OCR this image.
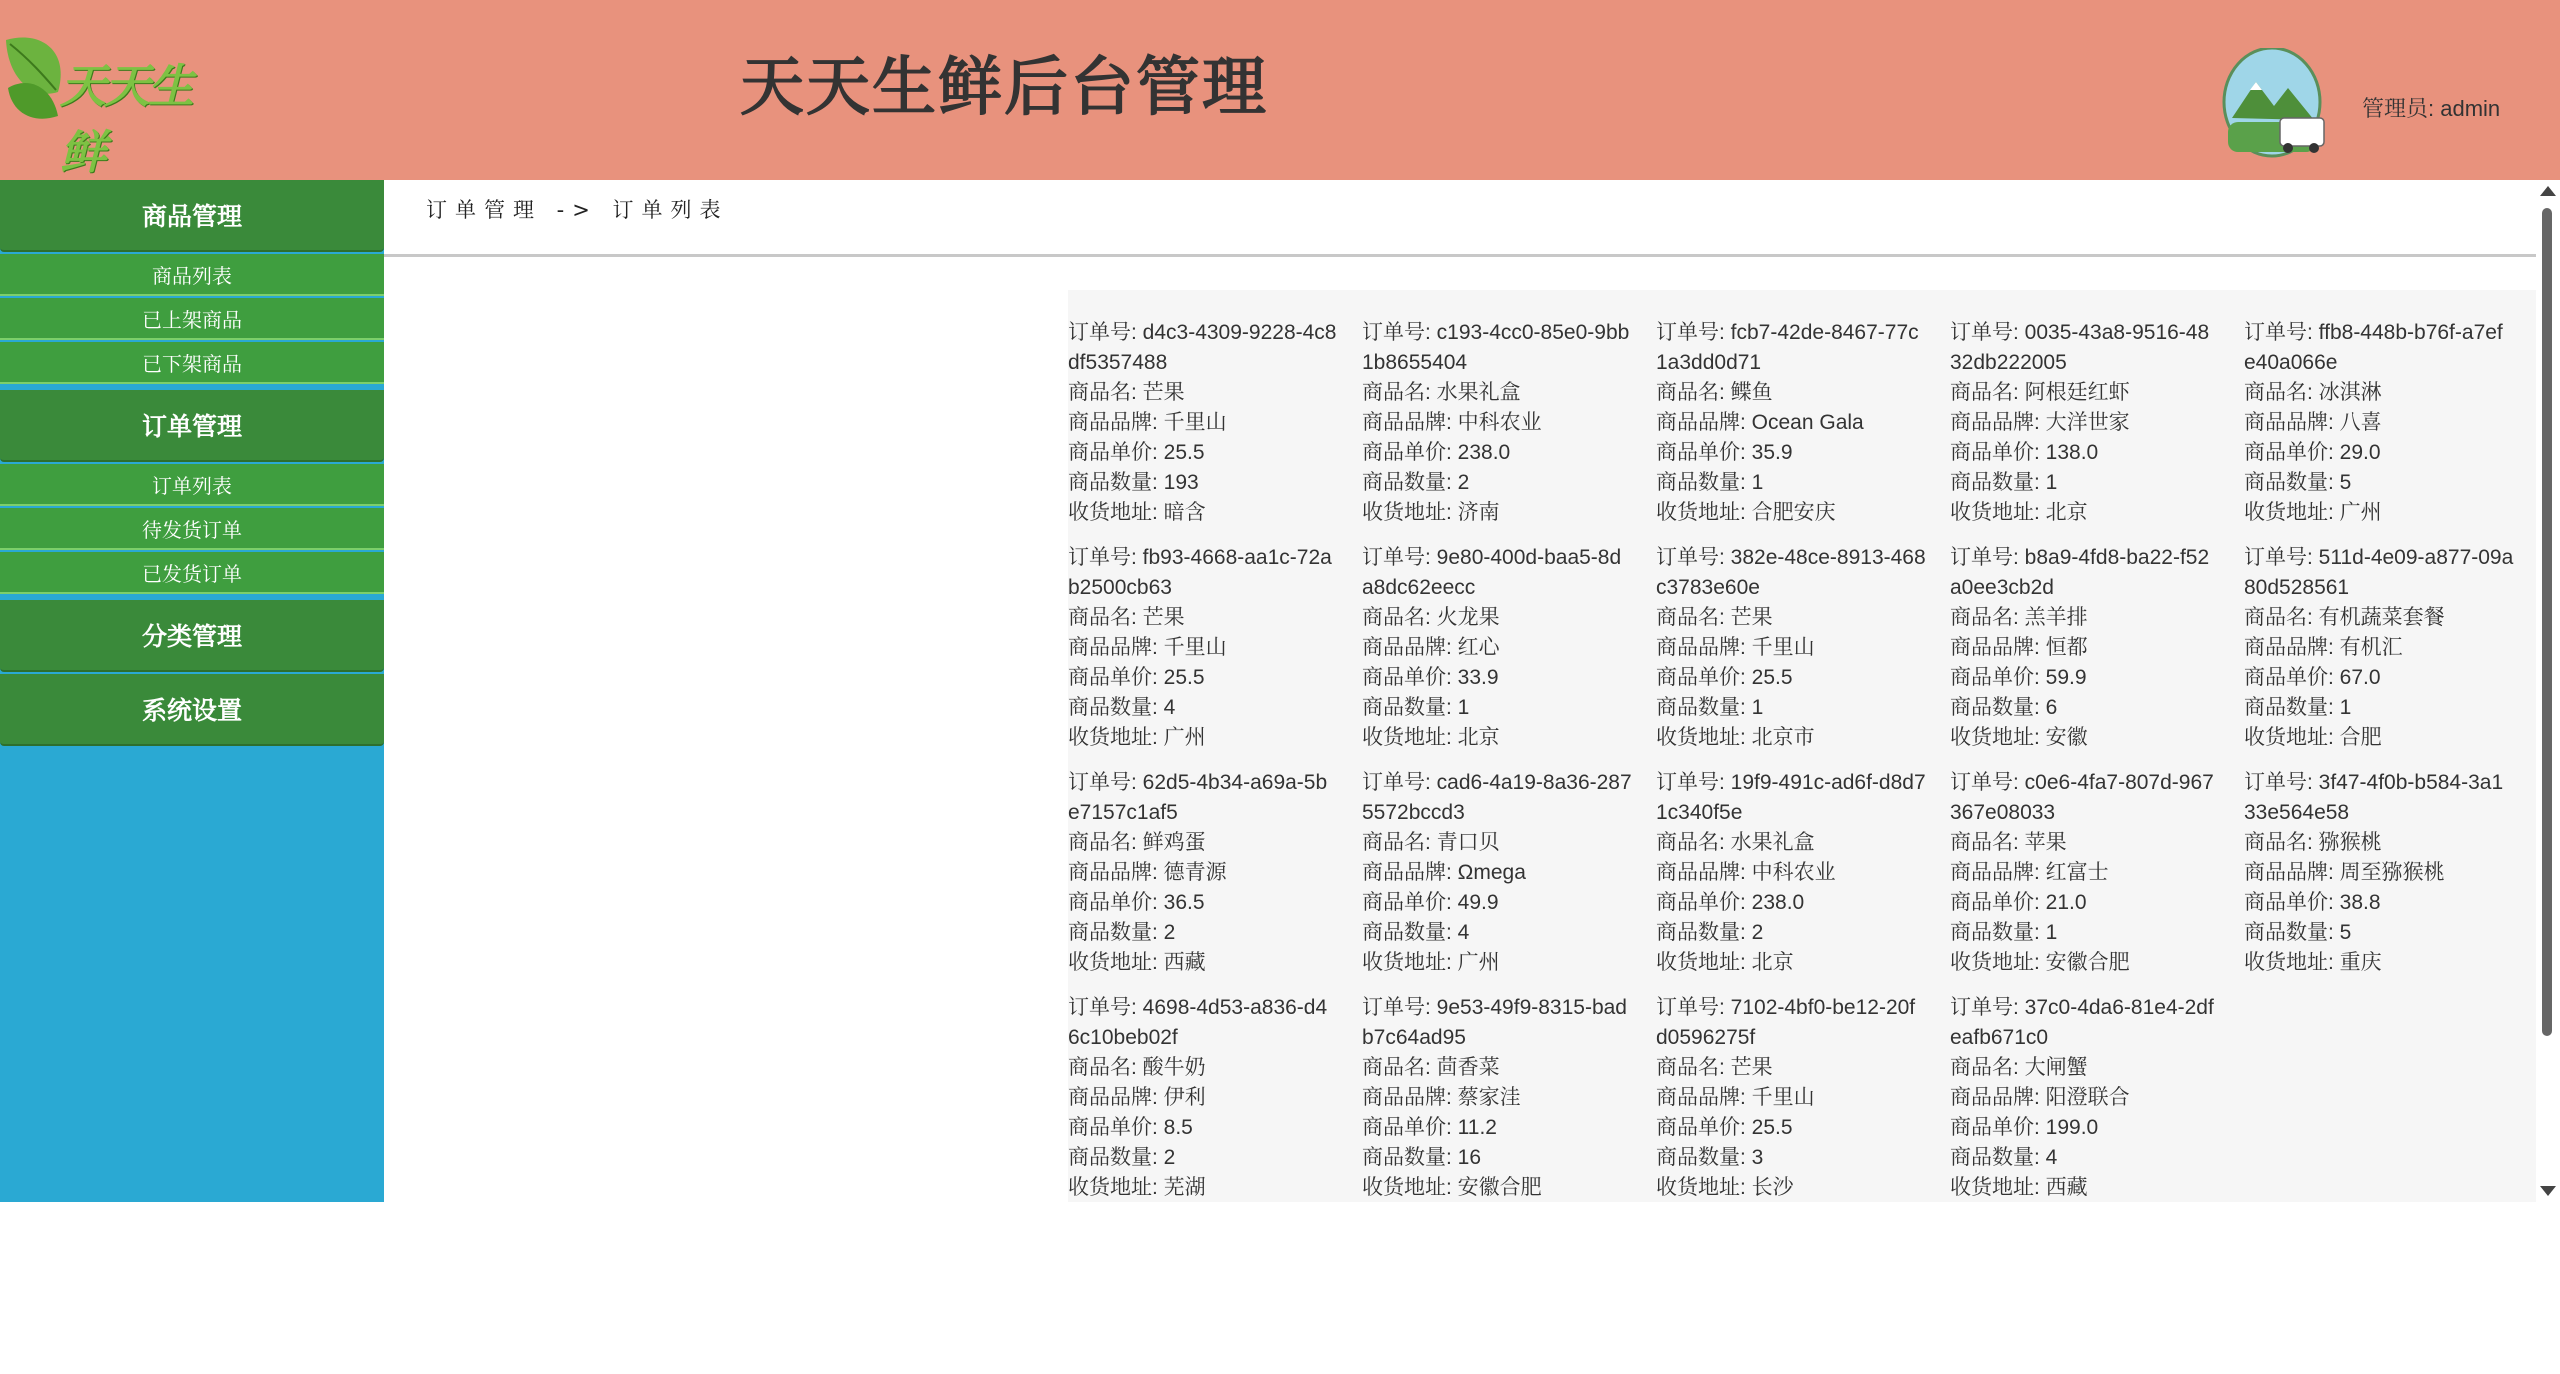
天天生鲜
天天生鲜后台管理	管理员: admin
商品管理
商品列表
已上架商品
已下架商品
订单管理
订单列表
待发货订单
已发货订单
分类管理
系统设置
订单管理 -> 订单列表
订单号: d4c3-4309-9228-4c8df5357488
商品名: 芒果
商品品牌: 千里山
商品单价: 25.5
商品数量: 193
收货地址: 暗含
订单号: c193-4cc0-85e0-9bb1b8655404
商品名: 水果礼盒
商品品牌: 中科农业
商品单价: 238.0
商品数量: 2
收货地址: 济南
订单号: fcb7-42de-8467-77c1a3dd0d71
商品名: 鲽鱼
商品品牌: Ocean Gala
商品单价: 35.9
商品数量: 1
收货地址: 合肥安庆
订单号: 0035-43a8-9516-4832db222005
商品名: 阿根廷红虾
商品品牌: 大洋世家
商品单价: 138.0
商品数量: 1
收货地址: 北京
订单号: ffb8-448b-b76f-a7efe40a066e
商品名: 冰淇淋
商品品牌: 八喜
商品单价: 29.0
商品数量: 5
收货地址: 广州
订单号: fb93-4668-aa1c-72ab2500cb63
商品名: 芒果
商品品牌: 千里山
商品单价: 25.5
商品数量: 4
收货地址: 广州
订单号: 9e80-400d-baa5-8da8dc62eecc
商品名: 火龙果
商品品牌: 红心
商品单价: 33.9
商品数量: 1
收货地址: 北京
订单号: 382e-48ce-8913-468c3783e60e
商品名: 芒果
商品品牌: 千里山
商品单价: 25.5
商品数量: 1
收货地址: 北京市
订单号: b8a9-4fd8-ba22-f52a0ee3cb2d
商品名: 羔羊排
商品品牌: 恒都
商品单价: 59.9
商品数量: 6
收货地址: 安徽
订单号: 511d-4e09-a877-09a80d528561
商品名: 有机蔬菜套餐
商品品牌: 有机汇
商品单价: 67.0
商品数量: 1
收货地址: 合肥
订单号: 62d5-4b34-a69a-5be7157c1af5
商品名: 鲜鸡蛋
商品品牌: 德青源
商品单价: 36.5
商品数量: 2
收货地址: 西藏
订单号: cad6-4a19-8a36-2875572bccd3
商品名: 青口贝
商品品牌: Ωmega
商品单价: 49.9
商品数量: 4
收货地址: 广州
订单号: 19f9-491c-ad6f-d8d71c340f5e
商品名: 水果礼盒
商品品牌: 中科农业
商品单价: 238.0
商品数量: 2
收货地址: 北京
订单号: c0e6-4fa7-807d-967367e08033
商品名: 苹果
商品品牌: 红富士
商品单价: 21.0
商品数量: 1
收货地址: 安徽合肥
订单号: 3f47-4f0b-b584-3a133e564e58
商品名: 猕猴桃
商品品牌: 周至猕猴桃
商品单价: 38.8
商品数量: 5
收货地址: 重庆
订单号: 4698-4d53-a836-d46c10beb02f
商品名: 酸牛奶
商品品牌: 伊利
商品单价: 8.5
商品数量: 2
收货地址: 芜湖
订单号: 9e53-49f9-8315-badb7c64ad95
商品名: 茴香菜
商品品牌: 蔡家洼
商品单价: 11.2
商品数量: 16
收货地址: 安徽合肥
订单号: 7102-4bf0-be12-20fd0596275f
商品名: 芒果
商品品牌: 千里山
商品单价: 25.5
商品数量: 3
收货地址: 长沙
订单号: 37c0-4da6-81e4-2dfeafb671c0
商品名: 大闸蟹
商品品牌: 阳澄联合
商品单价: 199.0
商品数量: 4
收货地址: 西藏
